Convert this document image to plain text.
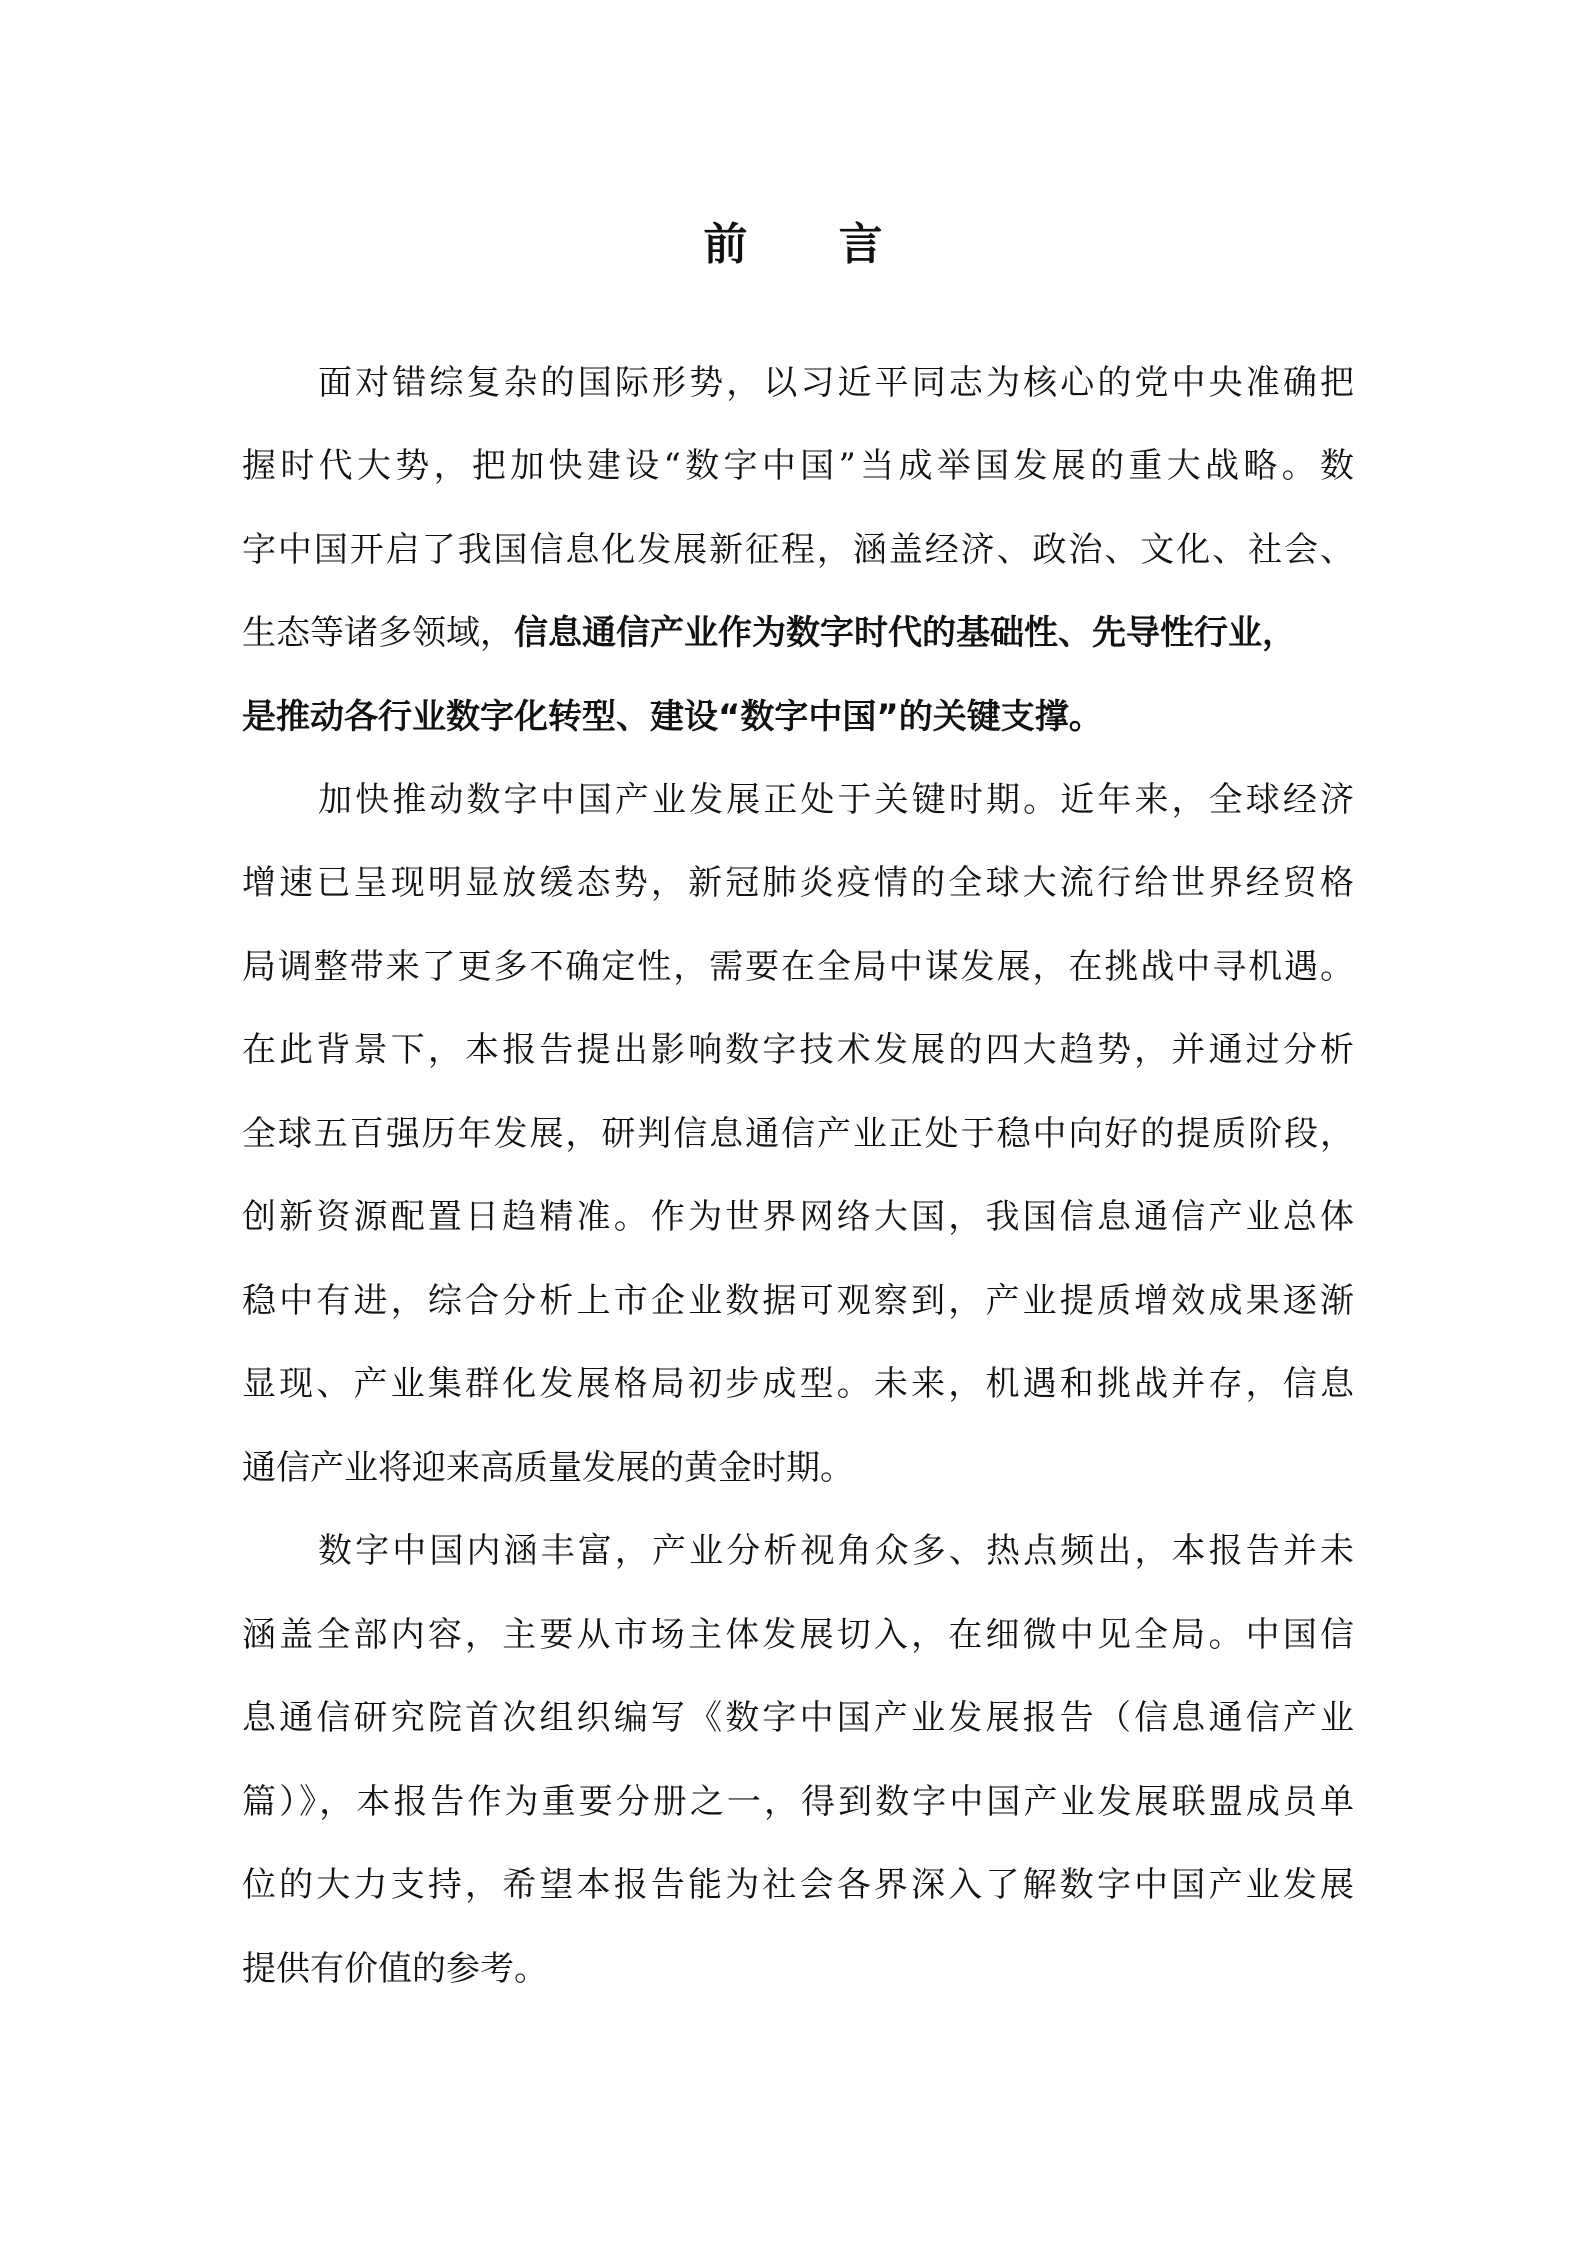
前 言
面对错综复杂的国际形势，以习近平同志为核心的党中央准确把
握时代大势，把加快建设“数字中国”当成举国发展的重大战略。数
字中国开启了我国信息化发展新征程，涵盖经济、政治、文化、社会、
生态等诸多领域，信息通信产业作为数字时代的基础性、先导性行业，
是推动各行业数字化转型、建设“数字中国”的关键支撑。
加快推动数字中国产业发展正处于关键时期。近年来，全球经济
增速已呈现明显放缓态势，新冠肺炎疫情的全球大流行给世界经贸格
局调整带来了更多不确定性，需要在全局中谋发展，在挑战中寻机遇。
在此背景下，本报告提出影响数字技术发展的四大趋势，并通过分析
全球五百强历年发展，研判信息通信产业正处于稳中向好的提质阶段，
创新资源配置日趋精准。作为世界网络大国，我国信息通信产业总体
稳中有进，综合分析上市企业数据可观察到，产业提质增效成果逐渐
显现、产业集群化发展格局初步成型。未来，机遇和挑战并存，信息
通信产业将迎来高质量发展的黄金时期。
数字中国内涵丰富，产业分析视角众多、热点频出，本报告并未
涵盖全部内容，主要从市场主体发展切入，在细微中见全局。中国信
息通信研究院首次组织编写《数字中国产业发展报告（信息通信产业
篇）》，本报告作为重要分册之一，得到数字中国产业发展联盟成员单
位的大力支持，希望本报告能为社会各界深入了解数字中国产业发展
提供有价值的参考。
